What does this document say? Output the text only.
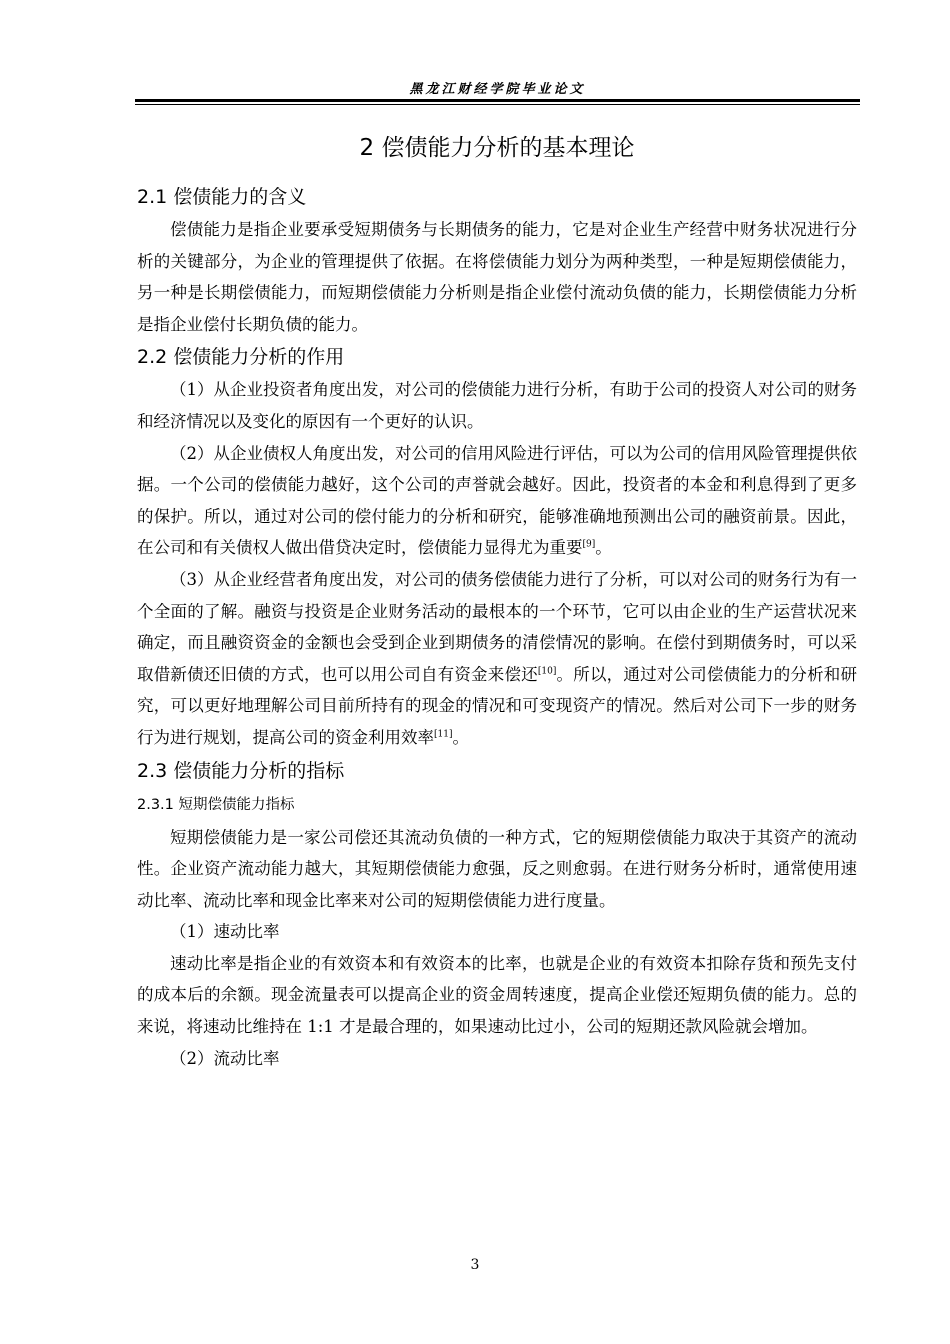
黑龙江财经学院毕业论文
2 偿债能力分析的基本理论
2.1 偿债能力的含义

偿债能力是指企业要承受短期债务与长期债务的能力，它是对企业生产经营中财务状况进行分析的关键部分，为企业的管理提供了依据。在将偿债能力划分为两种类型，一种是短期偿债能力，另一种是长期偿债能力，而短期偿债能力分析则是指企业偿付流动负债的能力，长期偿债能力分析是指企业偿付长期负债的能力。

2.2 偿债能力分析的作用

（1）从企业投资者角度出发，对公司的偿债能力进行分析，有助于公司的投资人对公司的财务和经济情况以及变化的原因有一个更好的认识。

（2）从企业债权人角度出发，对公司的信用风险进行评估，可以为公司的信用风险管理提供依据。一个公司的偿债能力越好，这个公司的声誉就会越好。因此，投资者的本金和利息得到了更多的保护。所以，通过对公司的偿付能力的分析和研究，能够准确地预测出公司的融资前景。因此，在公司和有关债权人做出借贷决定时，偿债能力显得尤为重要[9]。

（3）从企业经营者角度出发，对公司的债务偿债能力进行了分析，可以对公司的财务行为有一个全面的了解。融资与投资是企业财务活动的最根本的一个环节，它可以由企业的生产运营状况来确定，而且融资资金的金额也会受到企业到期债务的清偿情况的影响。在偿付到期债务时，可以采取借新债还旧债的方式，也可以用公司自有资金来偿还[10]。所以，通过对公司偿债能力的分析和研究，可以更好地理解公司目前所持有的现金的情况和可变现资产的情况。然后对公司下一步的财务行为进行规划，提高公司的资金利用效率[11]。

2.3 偿债能力分析的指标
2.3.1 短期偿债能力指标

短期偿债能力是一家公司偿还其流动负债的一种方式，它的短期偿债能力取决于其资产的流动性。企业资产流动能力越大，其短期偿债能力愈强，反之则愈弱。在进行财务分析时，通常使用速动比率、流动比率和现金比率来对公司的短期偿债能力进行度量。

（1）速动比率

速动比率是指企业的有效资本和有效资本的比率，也就是企业的有效资本扣除存货和预先支付的成本后的余额。现金流量表可以提高企业的资金周转速度，提高企业偿还短期负债的能力。总的来说，将速动比维持在 1:1 才是最合理的，如果速动比过小，公司的短期还款风险就会增加。

（2）流动比率

3
